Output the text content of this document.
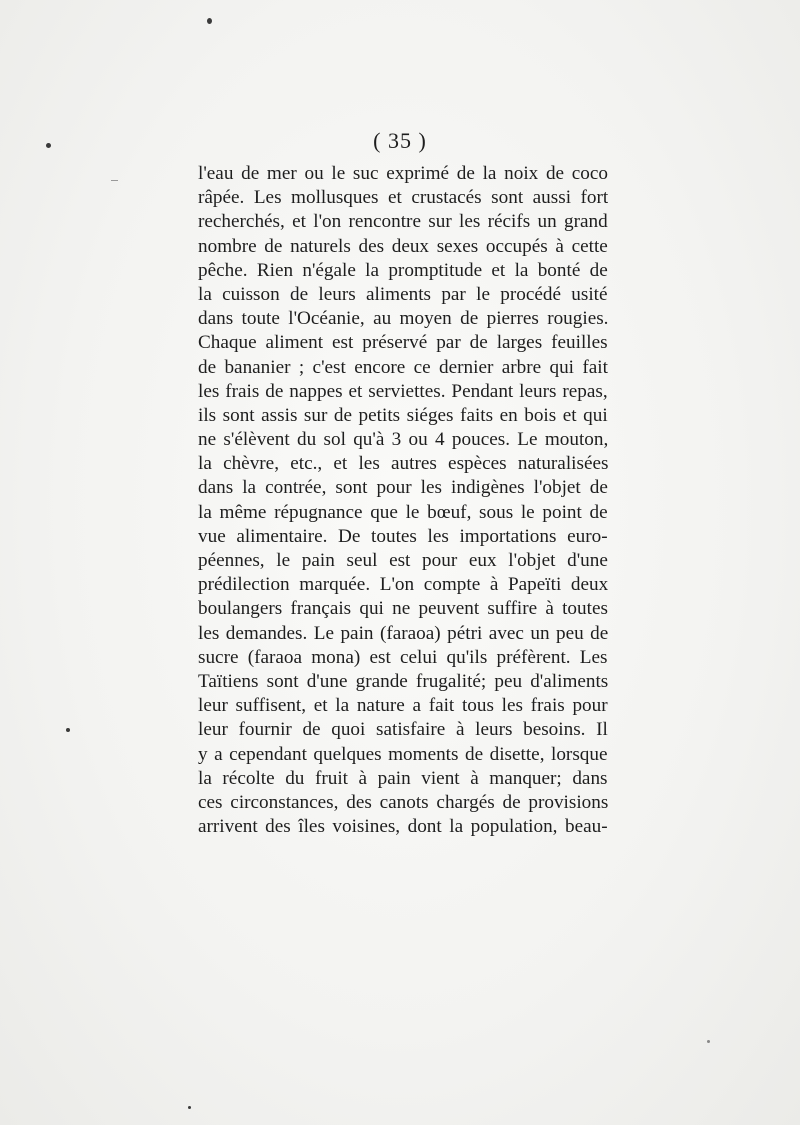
( 35 )
l'eau de mer ou le suc exprimé de la noix de coco
râpée. Les mollusques et crustacés sont aussi fort
recherchés, et l'on rencontre sur les récifs un grand
nombre de naturels des deux sexes occupés à cette
pêche. Rien n'égale la promptitude et la bonté de
la cuisson de leurs aliments par le procédé usité
dans toute l'Océanie, au moyen de pierres rougies.
Chaque aliment est préservé par de larges feuilles
de bananier ; c'est encore ce dernier arbre qui fait
les frais de nappes et serviettes. Pendant leurs repas,
ils sont assis sur de petits siéges faits en bois et qui
ne s'élèvent du sol qu'à 3 ou 4 pouces. Le mouton,
la chèvre, etc., et les autres espèces naturalisées
dans la contrée, sont pour les indigènes l'objet de
la même répugnance que le bœuf, sous le point de
vue alimentaire. De toutes les importations euro-
péennes, le pain seul est pour eux l'objet d'une
prédilection marquée. L'on compte à Papeïti deux
boulangers français qui ne peuvent suffire à toutes
les demandes. Le pain (faraoa) pétri avec un peu de
sucre (faraoa mona) est celui qu'ils préfèrent. Les
Taïtiens sont d'une grande frugalité; peu d'aliments
leur suffisent, et la nature a fait tous les frais pour
leur fournir de quoi satisfaire à leurs besoins. Il
y a cependant quelques moments de disette, lorsque
la récolte du fruit à pain vient à manquer; dans
ces circonstances, des canots chargés de provisions
arrivent des îles voisines, dont la population, beau-
